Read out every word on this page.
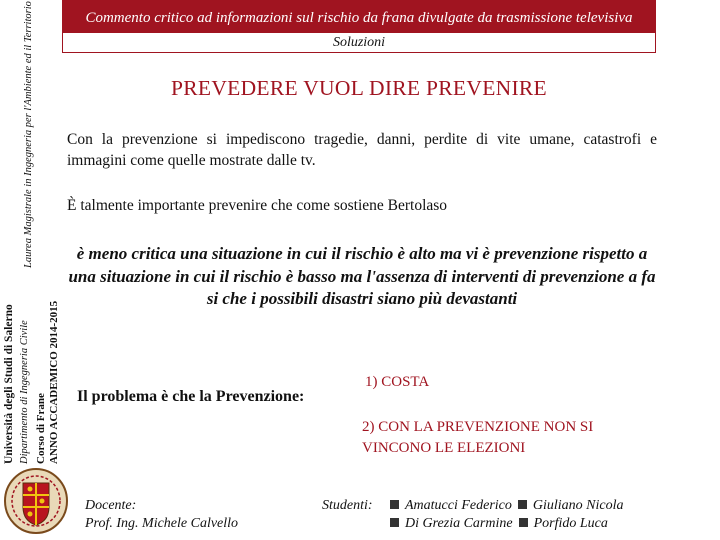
Università degli Studi di Salerno Dipartimento di Ingegneria Civile Corso di Frane ANNO ACCADEMICO 2014-2015
Laurea Magistrale in Ingegneria per l'Ambiente ed il Territorio	Commento critico ad informazioni sul rischio da frana divulgate da trasmissione televisiva
Soluzioni
PREVEDERE VUOL DIRE PREVENIRE
Con la prevenzione si impediscono tragedie, danni, perdite di vite umane, catastrofi e immagini come quelle mostrate dalle tv.
È talmente importante prevenire che come sostiene Bertolaso
è meno critica una situazione in cui il rischio è alto ma vi è prevenzione rispetto a una situazione in cui il rischio è basso ma l'assenza di interventi di prevenzione a fa si che i possibili disastri siano più devastanti
Il problema è che la Prevenzione:
1) COSTA
2) CON LA PREVENZIONE NON SI VINCONO LE ELEZIONI
Docente:
Prof. Ing. Michele Calvello
Studenti:	Amatucci Federico Giuliano Nicola
Di Grezia Carmine Porfido Luca
